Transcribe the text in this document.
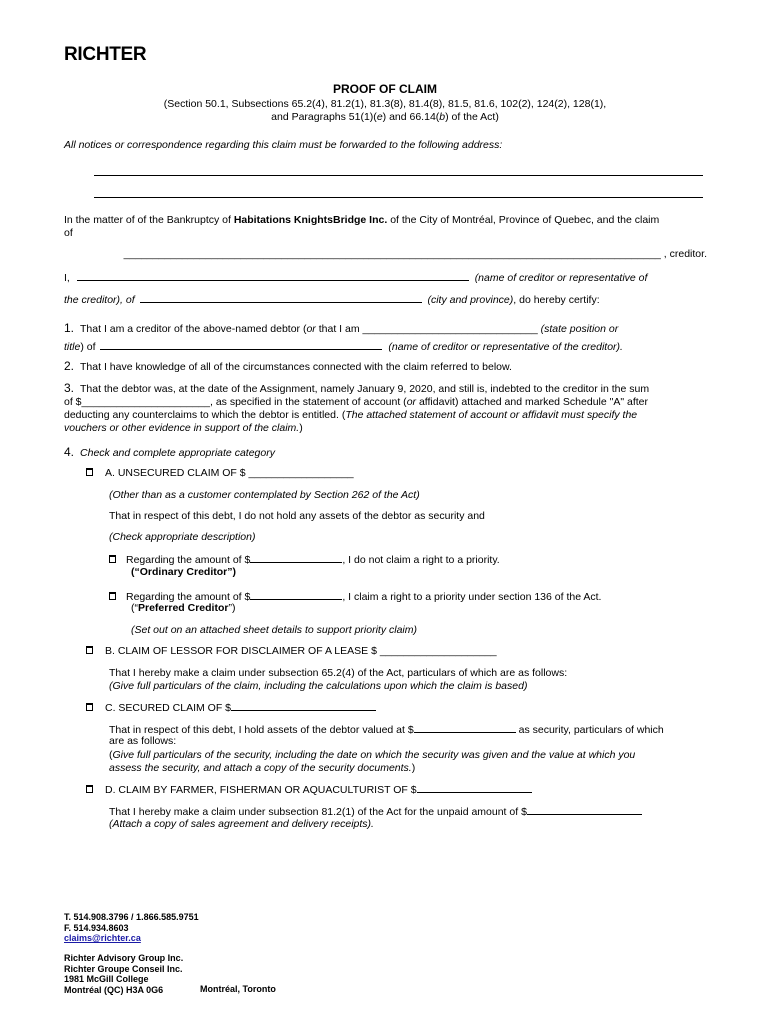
RICHTER
PROOF OF CLAIM
(Section 50.1, Subsections 65.2(4), 81.2(1), 81.3(8), 81.4(8), 81.5, 81.6, 102(2), 124(2), 128(1),
and Paragraphs 51(1)(e) and 66.14(b) of the Act)
All notices or correspondence regarding this claim must be forwarded to the following address:
In the matter of of the Bankruptcy of Habitations KnightsBridge Inc. of the City of Montréal, Province of Quebec, and the claim
of
____________________________________________________________________________________________ , creditor.
I,	(name of creditor or representative of
the creditor), of	(city and province), do hereby certify:
1. That I am a creditor of the above-named debtor (or that I am ______________________________ (state position or
title) of	(name of creditor or representative of the creditor).
2. That I have knowledge of all of the circumstances connected with the claim referred to below.
3. That the debtor was, at the date of the Assignment, namely January 9, 2020, and still is, indebted to the creditor in the sum
of $______________________, as specified in the statement of account (or affidavit) attached and marked Schedule "A" after
deducting any counterclaims to which the debtor is entitled. (The attached statement of account or affidavit must specify the
vouchers or other evidence in support of the claim.)
4. Check and complete appropriate category
A. UNSECURED CLAIM OF $ __________________
(Other than as a customer contemplated by Section 262 of the Act)
That in respect of this debt, I do not hold any assets of the debtor as security and
(Check appropriate description)
Regarding the amount of $	, I do not claim a right to a priority.
(“Ordinary Creditor”)
Regarding the amount of $	, I claim a right to a priority under section 136 of the Act.
(“Preferred Creditor”)
(Set out on an attached sheet details to support priority claim)
B. CLAIM OF LESSOR FOR DISCLAIMER OF A LEASE $ ____________________
That I hereby make a claim under subsection 65.2(4) of the Act, particulars of which are as follows:
(Give full particulars of the claim, including the calculations upon which the claim is based)
C. SECURED CLAIM OF $
That in respect of this debt, I hold assets of the debtor valued at $	as security, particulars of which
are as follows:
(Give full particulars of the security, including the date on which the security was given and the value at which you
assess the security, and attach a copy of the security documents.)
D. CLAIM BY FARMER, FISHERMAN OR AQUACULTURIST OF $
That I hereby make a claim under subsection 81.2(1) of the Act for the unpaid amount of $
(Attach a copy of sales agreement and delivery receipts).
T. 514.908.3796 / 1.866.585.9751
F. 514.934.8603
claims@richter.ca
Richter Advisory Group Inc.
Richter Groupe Conseil Inc.
1981 McGill College
Montréal (QC) H3A 0G6	Montréal, Toronto
